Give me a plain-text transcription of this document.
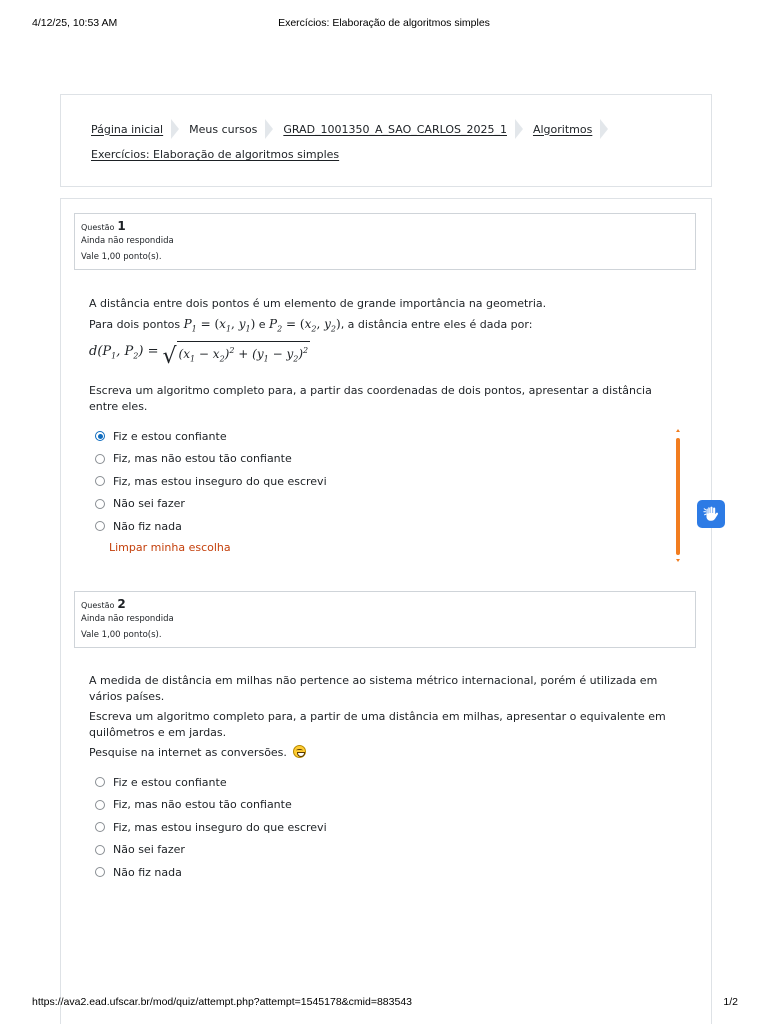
4/12/25, 10:53 AM	Exercícios: Elaboração de algoritmos simples
Página inicial Meus cursos GRAD_1001350_A_SAO_CARLOS_2025_1 Algoritmos
Exercícios: Elaboração de algoritmos simples
Questão 1
Ainda não respondida
Vale 1,00 ponto(s).

A distância entre dois pontos é um elemento de grande importância na geometria.

Para dois pontos $P_1 = (x_1$, $y_1$) e $P_2 = (x_2$, $y_2$), a distância entre eles é dada por:

$d(P_1$, $P_2$) = √ $(x_1 - x_2)^2 + (y_1 - y_2)^2$

Escreva um algoritmo completo para, a partir das coordenadas de dois pontos, apresentar a distância entre eles.

Fiz e estou confiante
Fiz, mas não estou tão confiante
Fiz, mas estou inseguro do que escrevi
Não sei fazer
Não fiz nada
Limpar minha escolha
Questão 2
Ainda não respondida
Vale 1,00 ponto(s).

A medida de distância em milhas não pertence ao sistema métrico internacional, porém é utilizada em vários países.

Escreva um algoritmo completo para, a partir de uma distância em milhas, apresentar o equivalente em quilômetros e em jardas.

Pesquise na internet as conversões.

Fiz e estou confiante
Fiz, mas não estou tão confiante
Fiz, mas estou inseguro do que escrevi
Não sei fazer
Não fiz nada
https://ava2.ead.ufscar.br/mod/quiz/attempt.php?attempt=1545178&cmid=883543	1/2
